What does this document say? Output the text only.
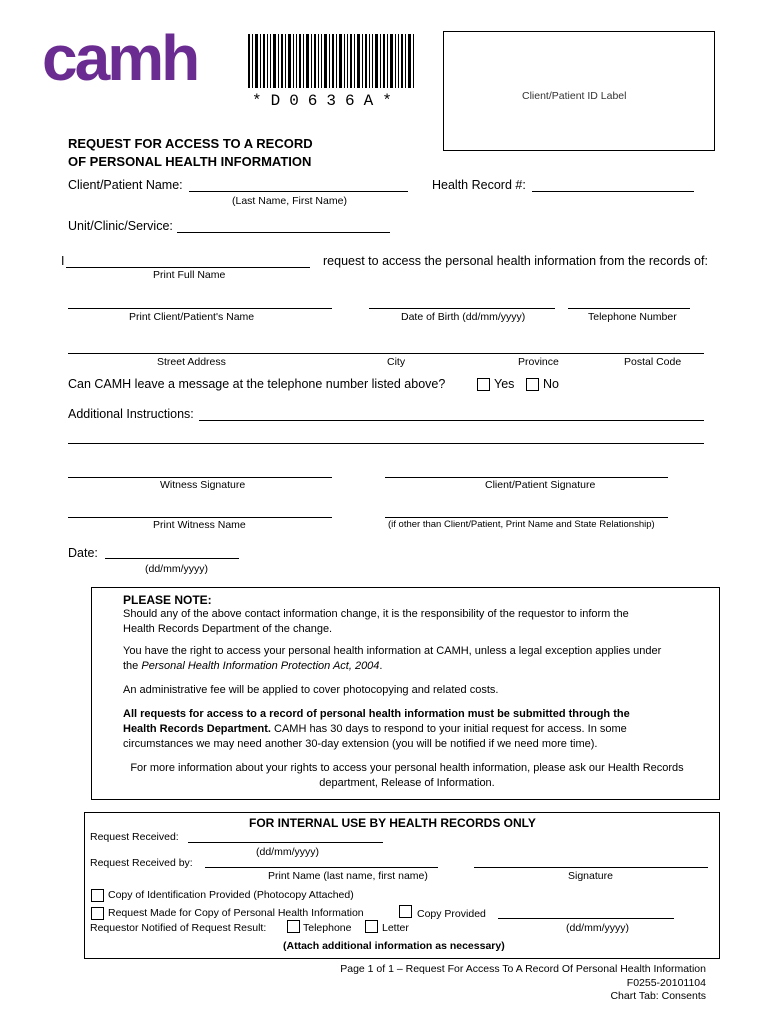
camh
*D0636A*	Client/Patient ID Label
REQUEST FOR ACCESS TO A RECORD
OF PERSONAL HEALTH INFORMATION
Client/Patient Name:
(Last Name, First Name)
Health Record #:
Unit/Clinic/Service:
I	request to access the personal health information from the records of:
Print Full Name
Print Client/Patient's Name	Date of Birth (dd/mm/yyyy)	Telephone Number
Street Address	City	Province	Postal Code
Can CAMH leave a message at the telephone number listed above?	Yes No
Additional Instructions:
Witness Signature	Client/Patient Signature
Print Witness Name	(if other than Client/Patient, Print Name and State Relationship)
Date:
(dd/mm/yyyy)
PLEASE NOTE:
Should any of the above contact information change, it is the responsibility of the requestor to inform the
Health Records Department of the change.
You have the right to access your personal health information at CAMH, unless a legal exception applies under
the Personal Health Information Protection Act, 2004.
An administrative fee will be applied to cover photocopying and related costs.
All requests for access to a record of personal health information must be submitted through the
Health Records Department. CAMH has 30 days to respond to your initial request for access. In some
circumstances we may need another 30-day extension (you will be notified if we need more time).
For more information about your rights to access your personal health information, please ask our Health Records
department, Release of Information.
FOR INTERNAL USE BY HEALTH RECORDS ONLY
Request Received:
(dd/mm/yyyy)
Request Received by:
Print Name (last name, first name)	Signature
Copy of Identification Provided (Photocopy Attached)
Request Made for Copy of Personal Health Information	Copy Provided
(dd/mm/yyyy)
Requestor Notified of Request Result:	Telephone	Letter
(Attach additional information as necessary)
Page 1 of 1 – Request For Access To A Record Of Personal Health Information
F0255-20101104
Chart Tab: Consents
